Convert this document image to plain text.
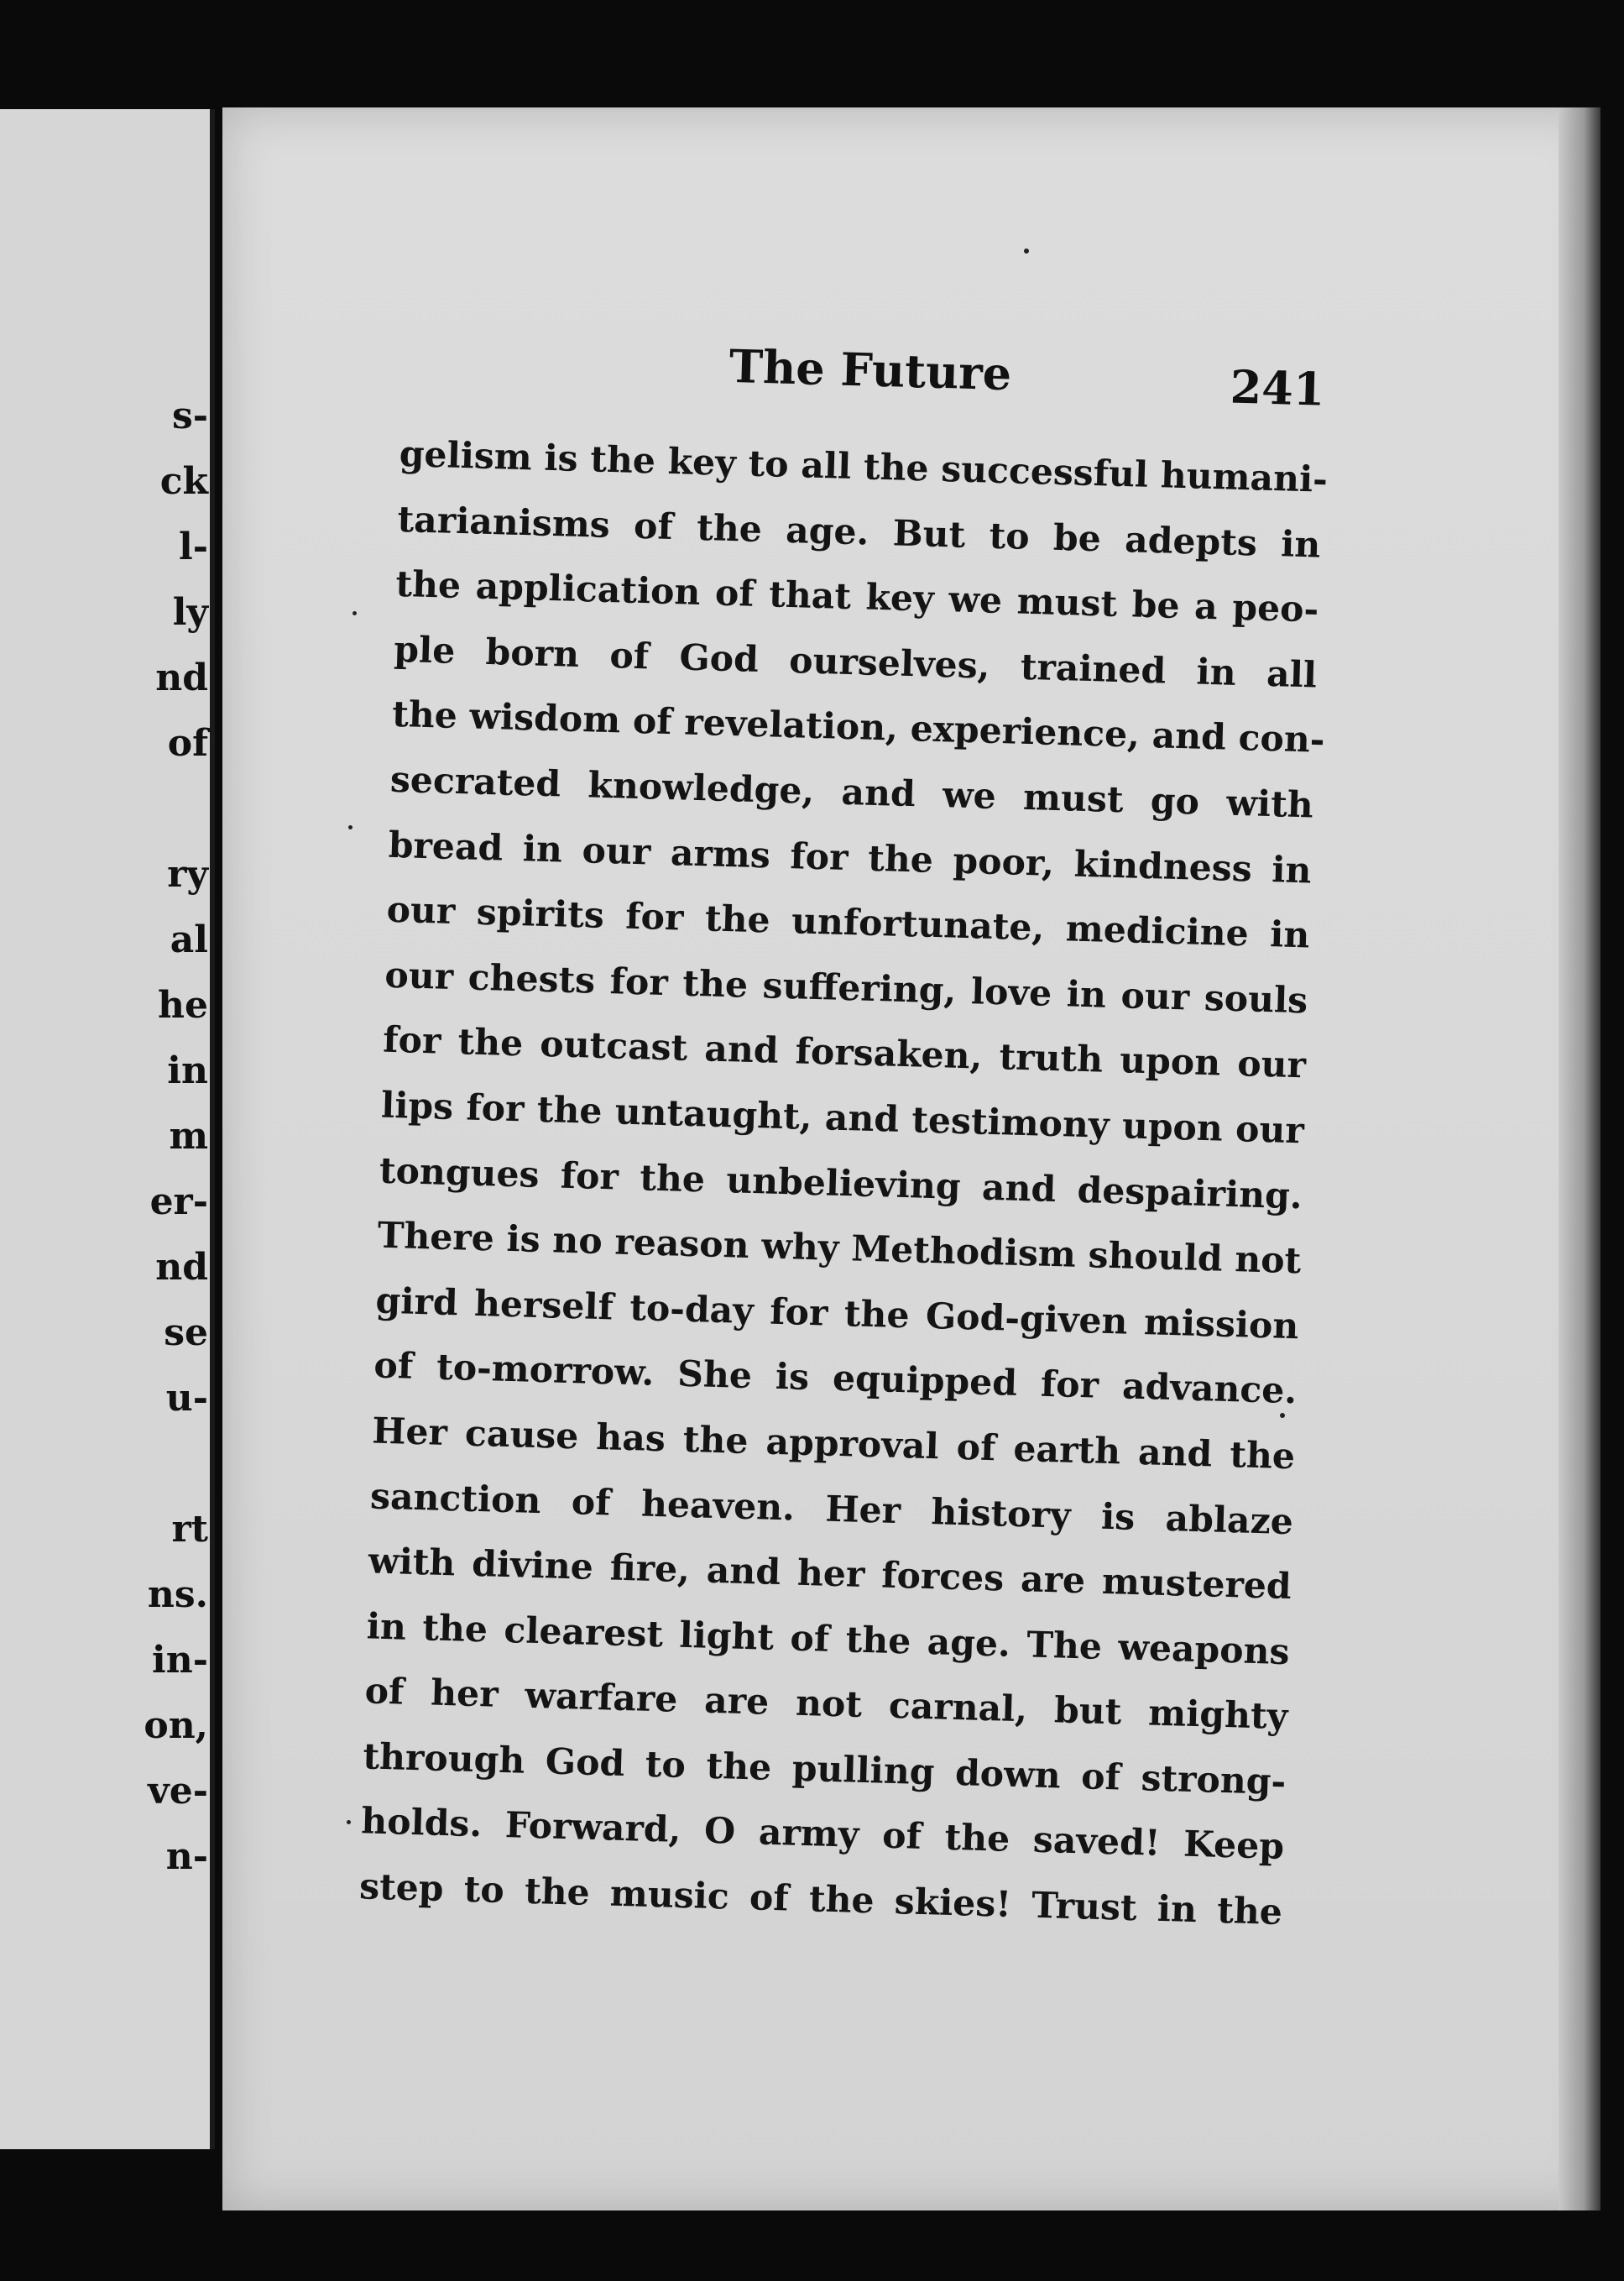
s-
ck
l-
ly
nd
of
ry
al
he
in
m
er-
nd
se
u-
rt
ns.
in-
on,
ve-
n-
The Future	241
gelism is the key to all the successful humani-
tarianisms of the age. But to be adepts in
the application of that key we must be a peo-
ple born of God ourselves, trained in all
the wisdom of revelation, experience, and con-
secrated knowledge, and we must go with
bread in our arms for the poor, kindness in
our spirits for the unfortunate, medicine in
our chests for the suffering, love in our souls
for the outcast and forsaken, truth upon our
lips for the untaught, and testimony upon our
tongues for the unbelieving and despairing.
There is no reason why Methodism should not
gird herself to-day for the God-given mission
of to-morrow. She is equipped for advance.
Her cause has the approval of earth and the
sanction of heaven. Her history is ablaze
with divine fire, and her forces are mustered
in the clearest light of the age. The weapons
of her warfare are not carnal, but mighty
through God to the pulling down of strong-
holds. Forward, O army of the saved! Keep
step to the music of the skies! Trust in the
